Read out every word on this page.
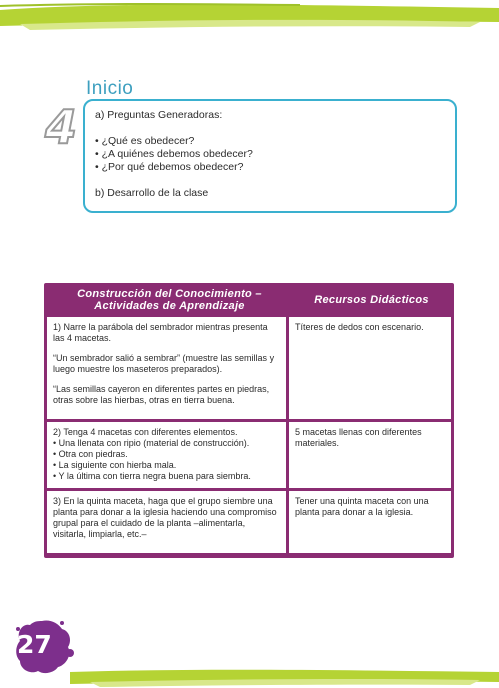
Inicio
4 a) Preguntas Generadoras:

• ¿Qué es obedecer?

• ¿A quiénes debemos obedecer?

• ¿Por qué debemos obedecer?

b) Desarrollo de la clase

Construcción del Conocimiento –
Actividades de Aprendizaje	Recursos Didácticos

1) Narre la parábola del sembrador mientras presenta las 4 macetas.

“Un sembrador salió a sembrar” (muestre las semillas y luego muestre los maseteros preparados).

“Las semillas cayeron en diferentes partes en piedras, otras sobre las hierbas, otras en tierra buena.

Títeres de dedos con escenario.

2) Tenga 4 macetas con diferentes elementos.

• Una llenata con ripio (material de construcción).

• Otra con piedras.

• La siguiente con hierba mala.

• Y la última con tierra negra buena para siembra.

5 macetas llenas con diferentes materiales.

3) En la quinta maceta, haga que el grupo siembre una planta para donar a la iglesia haciendo una compromiso grupal para el cuidado de la planta –alimentarla, visitarla, limpiarla, etc.–

Tener una quinta maceta con una planta para donar a la iglesia.

27
